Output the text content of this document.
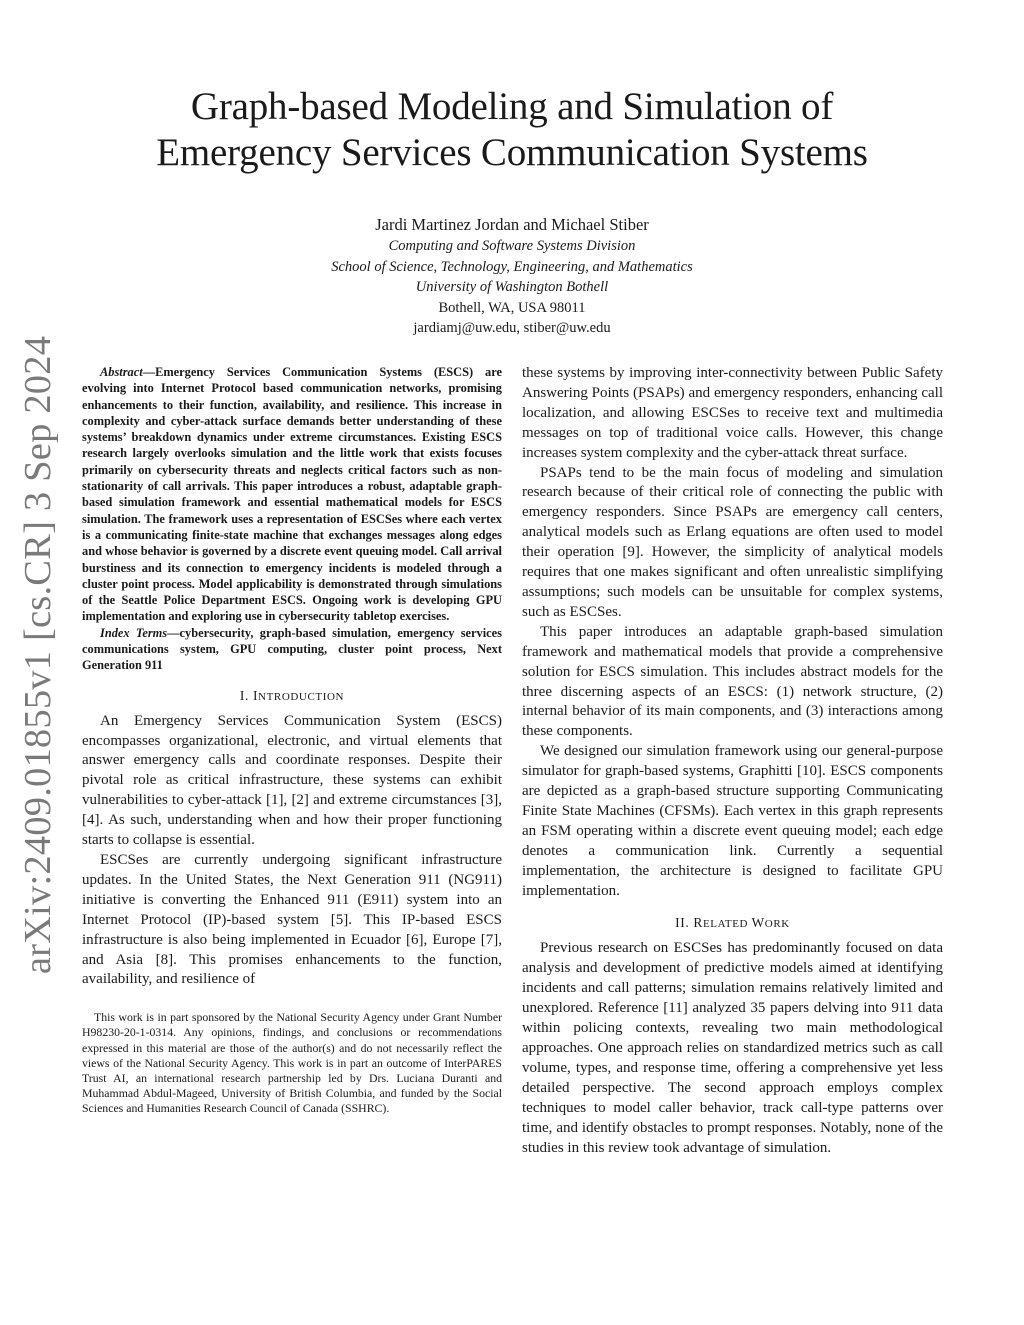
arXiv:2409.01855v1 [cs.CR] 3 Sep 2024
Graph-based Modeling and Simulation of
Emergency Services Communication Systems
Jardi Martinez Jordan and Michael Stiber
Computing and Software Systems Division
School of Science, Technology, Engineering, and Mathematics
University of Washington Bothell
Bothell, WA, USA 98011
jardiamj@uw.edu, stiber@uw.edu

Abstract—Emergency Services Communication Systems (ESCS) are evolving into Internet Protocol based communication networks, promising enhancements to their function, availability, and resilience. This increase in complexity and cyber-attack surface demands better understanding of these systems’ breakdown dynamics under extreme circumstances. Existing ESCS research largely overlooks simulation and the little work that exists focuses primarily on cybersecurity threats and neglects critical factors such as non-stationarity of call arrivals. This paper introduces a robust, adaptable graph-based simulation framework and essential mathematical models for ESCS simulation. The framework uses a representation of ESCSes where each vertex is a communicating finite-state machine that exchanges messages along edges and whose behavior is governed by a discrete event queuing model. Call arrival burstiness and its connection to emergency incidents is modeled through a cluster point process. Model applicability is demonstrated through simulations of the Seattle Police Department ESCS. Ongoing work is developing GPU implementation and exploring use in cybersecurity tabletop exercises.

Index Terms—cybersecurity, graph-based simulation, emergency services communications system, GPU computing, cluster point process, Next Generation 911

I. INTRODUCTION

An Emergency Services Communication System (ESCS) encompasses organizational, electronic, and virtual elements that answer emergency calls and coordinate responses. Despite their pivotal role as critical infrastructure, these systems can exhibit vulnerabilities to cyber-attack [1], [2] and extreme circumstances [3], [4]. As such, understanding when and how their proper functioning starts to collapse is essential.

ESCSes are currently undergoing significant infrastructure updates. In the United States, the Next Generation 911 (NG911) initiative is converting the Enhanced 911 (E911) system into an Internet Protocol (IP)-based system [5]. This IP-based ESCS infrastructure is also being implemented in Ecuador [6], Europe [7], and Asia [8]. This promises enhancements to the function, availability, and resilience of

This work is in part sponsored by the National Security Agency under Grant Number H98230-20-1-0314. Any opinions, findings, and conclusions or recommendations expressed in this material are those of the author(s) and do not necessarily reflect the views of the National Security Agency. This work is in part an outcome of InterPARES Trust AI, an international research partnership led by Drs. Luciana Duranti and Muhammad Abdul-Mageed, University of British Columbia, and funded by the Social Sciences and Humanities Research Council of Canada (SSHRC).

these systems by improving inter-connectivity between Public Safety Answering Points (PSAPs) and emergency responders, enhancing call localization, and allowing ESCSes to receive text and multimedia messages on top of traditional voice calls. However, this change increases system complexity and the cyber-attack threat surface.

PSAPs tend to be the main focus of modeling and simulation research because of their critical role of connecting the public with emergency responders. Since PSAPs are emergency call centers, analytical models such as Erlang equations are often used to model their operation [9]. However, the simplicity of analytical models requires that one makes significant and often unrealistic simplifying assumptions; such models can be unsuitable for complex systems, such as ESCSes.

This paper introduces an adaptable graph-based simulation framework and mathematical models that provide a comprehensive solution for ESCS simulation. This includes abstract models for the three discerning aspects of an ESCS: (1) network structure, (2) internal behavior of its main components, and (3) interactions among these components.

We designed our simulation framework using our general-purpose simulator for graph-based systems, Graphitti [10]. ESCS components are depicted as a graph-based structure supporting Communicating Finite State Machines (CFSMs). Each vertex in this graph represents an FSM operating within a discrete event queuing model; each edge denotes a communication link. Currently a sequential implementation, the architecture is designed to facilitate GPU implementation.

II. RELATED WORK

Previous research on ESCSes has predominantly focused on data analysis and development of predictive models aimed at identifying incidents and call patterns; simulation remains relatively limited and unexplored. Reference [11] analyzed 35 papers delving into 911 data within policing contexts, revealing two main methodological approaches. One approach relies on standardized metrics such as call volume, types, and response time, offering a comprehensive yet less detailed perspective. The second approach employs complex techniques to model caller behavior, track call-type patterns over time, and identify obstacles to prompt responses. Notably, none of the studies in this review took advantage of simulation.
